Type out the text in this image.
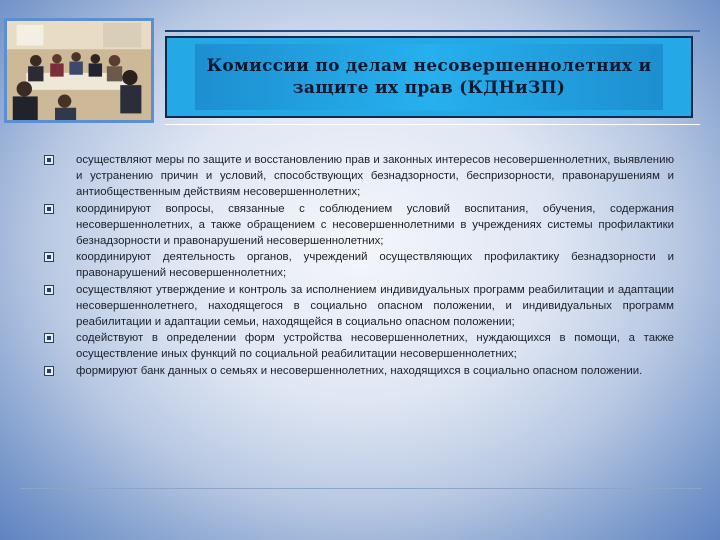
Комиссии по делам несовершеннолетних и
защите их прав (КДНиЗП)
осуществляют меры по защите и восстановлению прав и законных интересов несовершеннолетних, выявлению и устранению причин и условий, способствующих безнадзорности, беспризорности, правонарушениям и антиобщественным действиям несовершеннолетних;
координируют вопросы, связанные с соблюдением условий воспитания, обучения, содержания несовершеннолетних, а также обращением с несовершеннолетними в учреждениях системы профилактики безнадзорности и правонарушений несовершеннолетних;
координируют деятельность органов, учреждений осуществляющих профилактику безнадзорности и правонарушений несовершеннолетних;
осуществляют утверждение и контроль за исполнением индивидуальных программ реабилитации и адаптации несовершеннолетнего, находящегося в социально опасном положении, и индивидуальных программ реабилитации и адаптации семьи, находящейся в социально опасном положении;
содействуют в определении форм устройства несовершеннолетних, нуждающихся в помощи, а также осуществление иных функций по социальной реабилитации несовершеннолетних;
формируют банк данных о семьях и несовершеннолетних, находящихся в социально опасном положении.
